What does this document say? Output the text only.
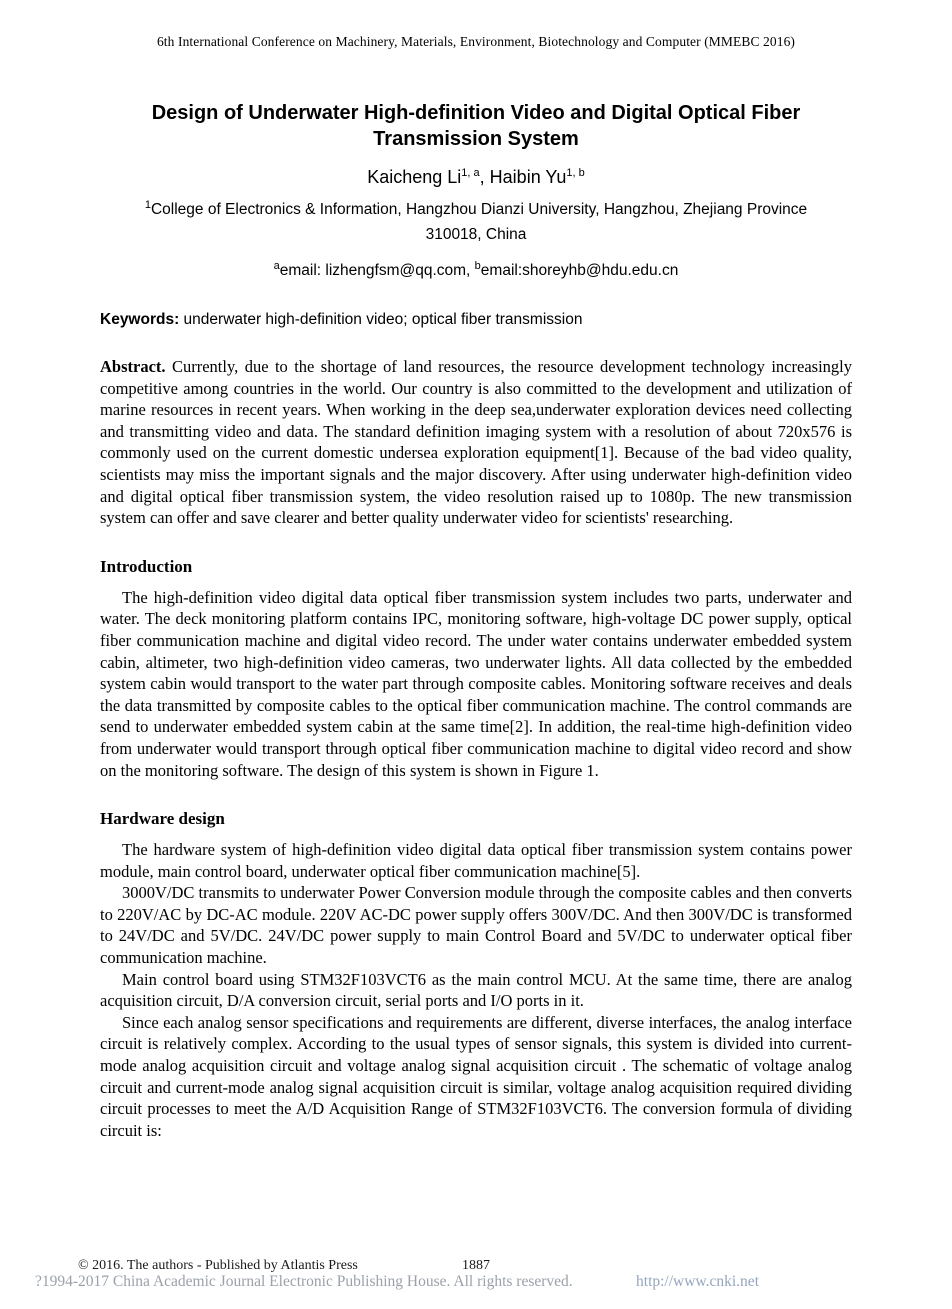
6th International Conference on Machinery, Materials, Environment, Biotechnology and Computer (MMEBC 2016)
Design of Underwater High-definition Video and Digital Optical Fiber Transmission System
Kaicheng Li$^{1, a}$, Haibin Yu$^{1, b}$
$^1$College of Electronics & Information, Hangzhou Dianzi University, Hangzhou, Zhejiang Province 310018, China
$^a$email: lizhengfsm@qq.com, $^b$email:shoreyhb@hdu.edu.cn
Keywords: underwater high-definition video; optical fiber transmission

Abstract. Currently, due to the shortage of land resources, the resource development technology increasingly competitive among countries in the world. Our country is also committed to the development and utilization of marine resources in recent years. When working in the deep sea,underwater exploration devices need collecting and transmitting video and data. The standard definition imaging system with a resolution of about 720x576 is commonly used on the current domestic undersea exploration equipment[1]. Because of the bad video quality, scientists may miss the important signals and the major discovery. After using underwater high-definition video and digital optical fiber transmission system, the video resolution raised up to 1080p. The new transmission system can offer and save clearer and better quality underwater video for scientists' researching.

Introduction

The high-definition video digital data optical fiber transmission system includes two parts, underwater and water. The deck monitoring platform contains IPC, monitoring software, high-voltage DC power supply, optical fiber communication machine and digital video record. The under water contains underwater embedded system cabin, altimeter, two high-definition video cameras, two underwater lights. All data collected by the embedded system cabin would transport to the water part through composite cables. Monitoring software receives and deals the data transmitted by composite cables to the optical fiber communication machine. The control commands are send to underwater embedded system cabin at the same time[2]. In addition, the real-time high-definition video from underwater would transport through optical fiber communication machine to digital video record and show on the monitoring software. The design of this system is shown in Figure 1.

Hardware design

The hardware system of high-definition video digital data optical fiber transmission system contains power module, main control board, underwater optical fiber communication machine[5].

3000V/DC transmits to underwater Power Conversion module through the composite cables and then converts to 220V/AC by DC-AC module. 220V AC-DC power supply offers 300V/DC. And then 300V/DC is transformed to 24V/DC and 5V/DC. 24V/DC power supply to main Control Board and 5V/DC to underwater optical fiber communication machine.

Main control board using STM32F103VCT6 as the main control MCU. At the same time, there are analog acquisition circuit, D/A conversion circuit, serial ports and I/O ports in it.

Since each analog sensor specifications and requirements are different, diverse interfaces, the analog interface circuit is relatively complex. According to the usual types of sensor signals, this system is divided into current-mode analog acquisition circuit and voltage analog signal acquisition circuit . The schematic of voltage analog circuit and current-mode analog signal acquisition circuit is similar, voltage analog acquisition required dividing circuit processes to meet the A/D Acquisition Range of STM32F103VCT6. The conversion formula of dividing circuit is:

© 2016. The authors - Published by Atlantis Press	1887
?1994-2017 China Academic Journal Electronic Publishing House. All rights reserved.	http://www.cnki.net
